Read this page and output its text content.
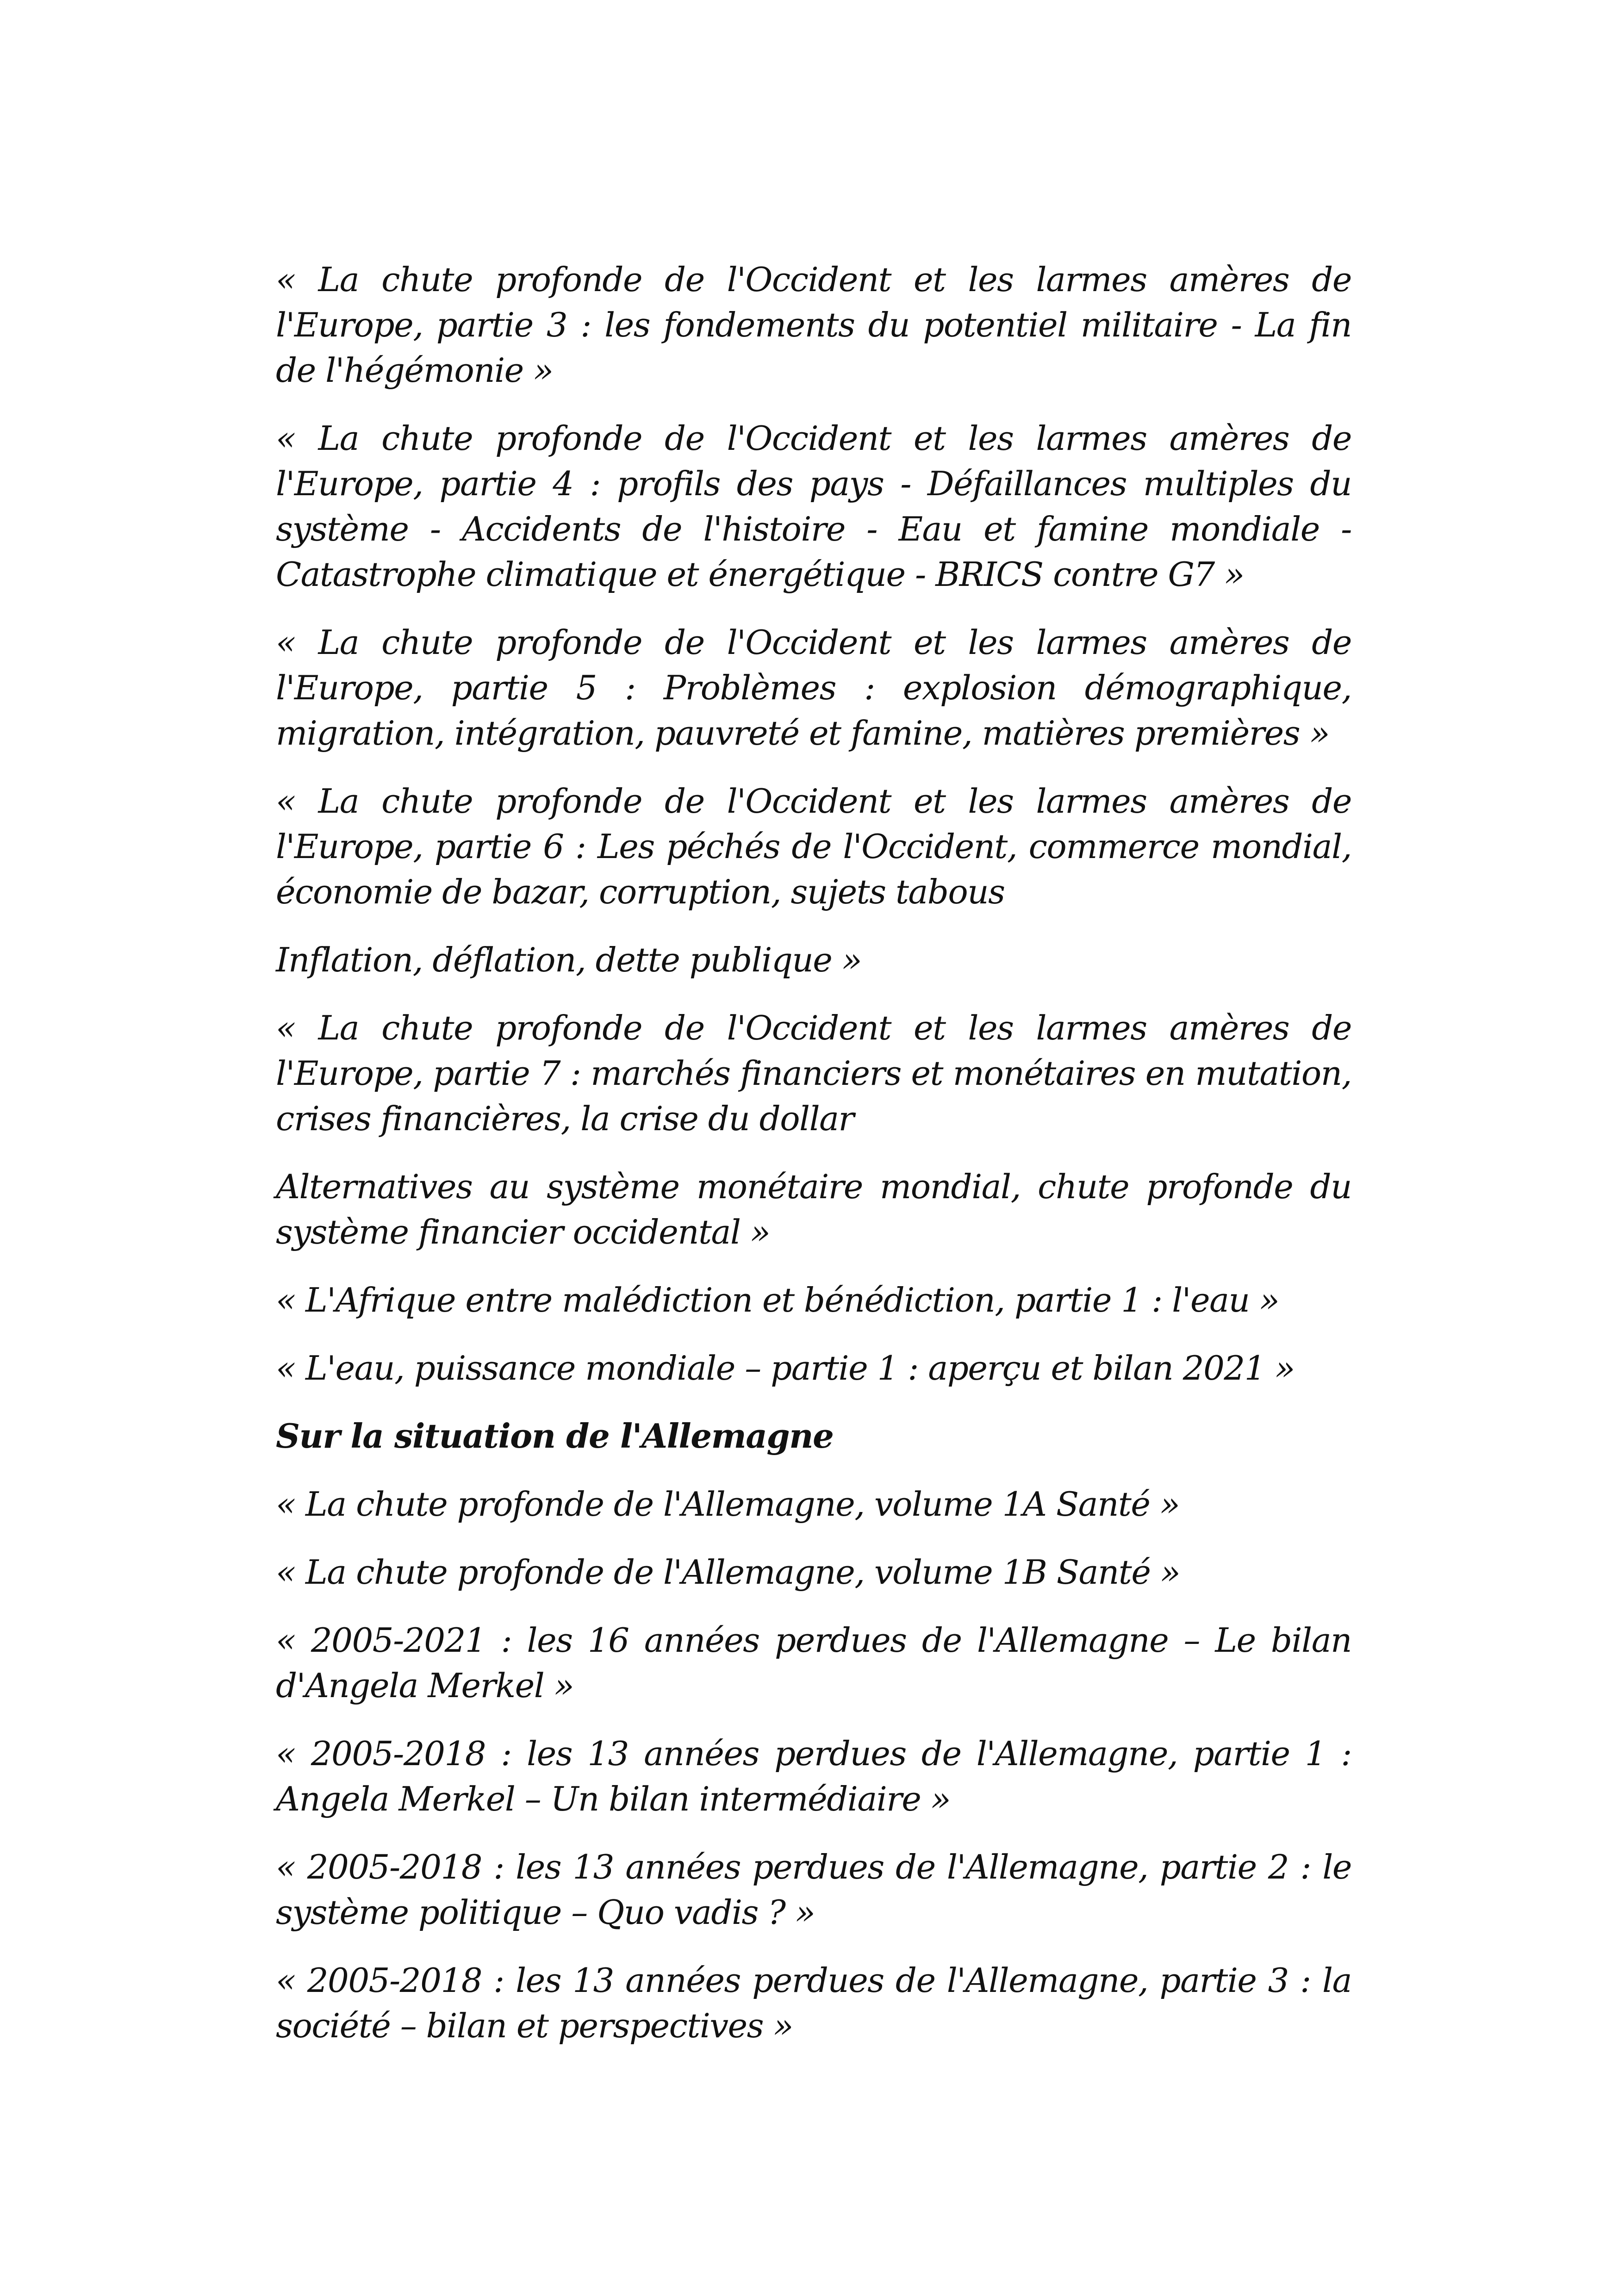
« La chute profonde de l'Occident et les larmes amères de l'Europe, partie 3 : les fondements du potentiel militaire - La fin de l'hégémonie »

« La chute profonde de l'Occident et les larmes amères de l'Europe, partie 4 : profils des pays - Défaillances multiples du système - Accidents de l'histoire - Eau et famine mondiale - Catastrophe climatique et énergétique - BRICS contre G7 »

« La chute profonde de l'Occident et les larmes amères de l'Europe, partie 5 : Problèmes : explosion démographique, migration, intégration, pauvreté et famine, matières premières »

« La chute profonde de l'Occident et les larmes amères de l'Europe, partie 6 : Les péchés de l'Occident, commerce mondial, économie de bazar, corruption, sujets tabous

Inflation, déflation, dette publique »

« La chute profonde de l'Occident et les larmes amères de l'Europe, partie 7 : marchés financiers et monétaires en mutation, crises financières, la crise du dollar

Alternatives au système monétaire mondial, chute profonde du système financier occidental »

« L'Afrique entre malédiction et bénédiction, partie 1 : l'eau »

« L'eau, puissance mondiale – partie 1 : aperçu et bilan 2021 »

Sur la situation de l'Allemagne

« La chute profonde de l'Allemagne, volume 1A Santé »

« La chute profonde de l'Allemagne, volume 1B Santé »

« 2005-2021 : les 16 années perdues de l'Allemagne – Le bilan d'Angela Merkel »

« 2005-2018 : les 13 années perdues de l'Allemagne, partie 1 : Angela Merkel – Un bilan intermédiaire »

« 2005-2018 : les 13 années perdues de l'Allemagne, partie 2 : le système politique – Quo vadis ? »

« 2005-2018 : les 13 années perdues de l'Allemagne, partie 3 : la société – bilan et perspectives »
